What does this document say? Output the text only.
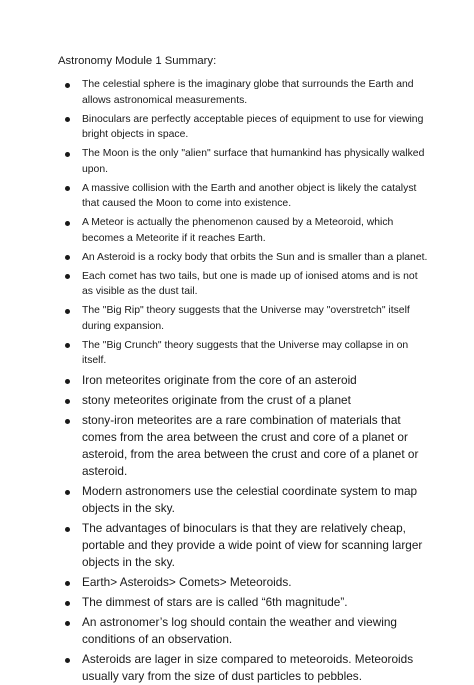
Astronomy Module 1 Summary:
The celestial sphere is the imaginary globe that surrounds the Earth and allows astronomical measurements.
Binoculars are perfectly acceptable pieces of equipment to use for viewing bright objects in space.
The Moon is the only "alien" surface that humankind has physically walked upon.
A massive collision with the Earth and another object is likely the catalyst that caused the Moon to come into existence.
A Meteor is actually the phenomenon caused by a Meteoroid, which becomes a Meteorite if it reaches Earth.
An Asteroid is a rocky body that orbits the Sun and is smaller than a planet.
Each comet has two tails, but one is made up of ionised atoms and is not as visible as the dust tail.
The "Big Rip" theory suggests that the Universe may "overstretch" itself during expansion.
The "Big Crunch" theory suggests that the Universe may collapse in on itself.
Iron meteorites originate from the core of an asteroid
stony meteorites originate from the crust of a planet
stony-iron meteorites are a rare combination of materials that comes from the area between the crust and core of a planet or asteroid, from the area between the crust and core of a planet or asteroid.
Modern astronomers use the celestial coordinate system to map objects in the sky.
The advantages of binoculars is that they are relatively cheap, portable and they provide a wide point of view for scanning larger objects in the sky.
Earth> Asteroids> Comets> Meteoroids.
The dimmest of stars are is called “6th magnitude”.
An astronomer’s log should contain the weather and viewing conditions of an observation.
Asteroids are lager in size compared to meteoroids. Meteoroids usually vary from the size of dust particles to pebbles.
